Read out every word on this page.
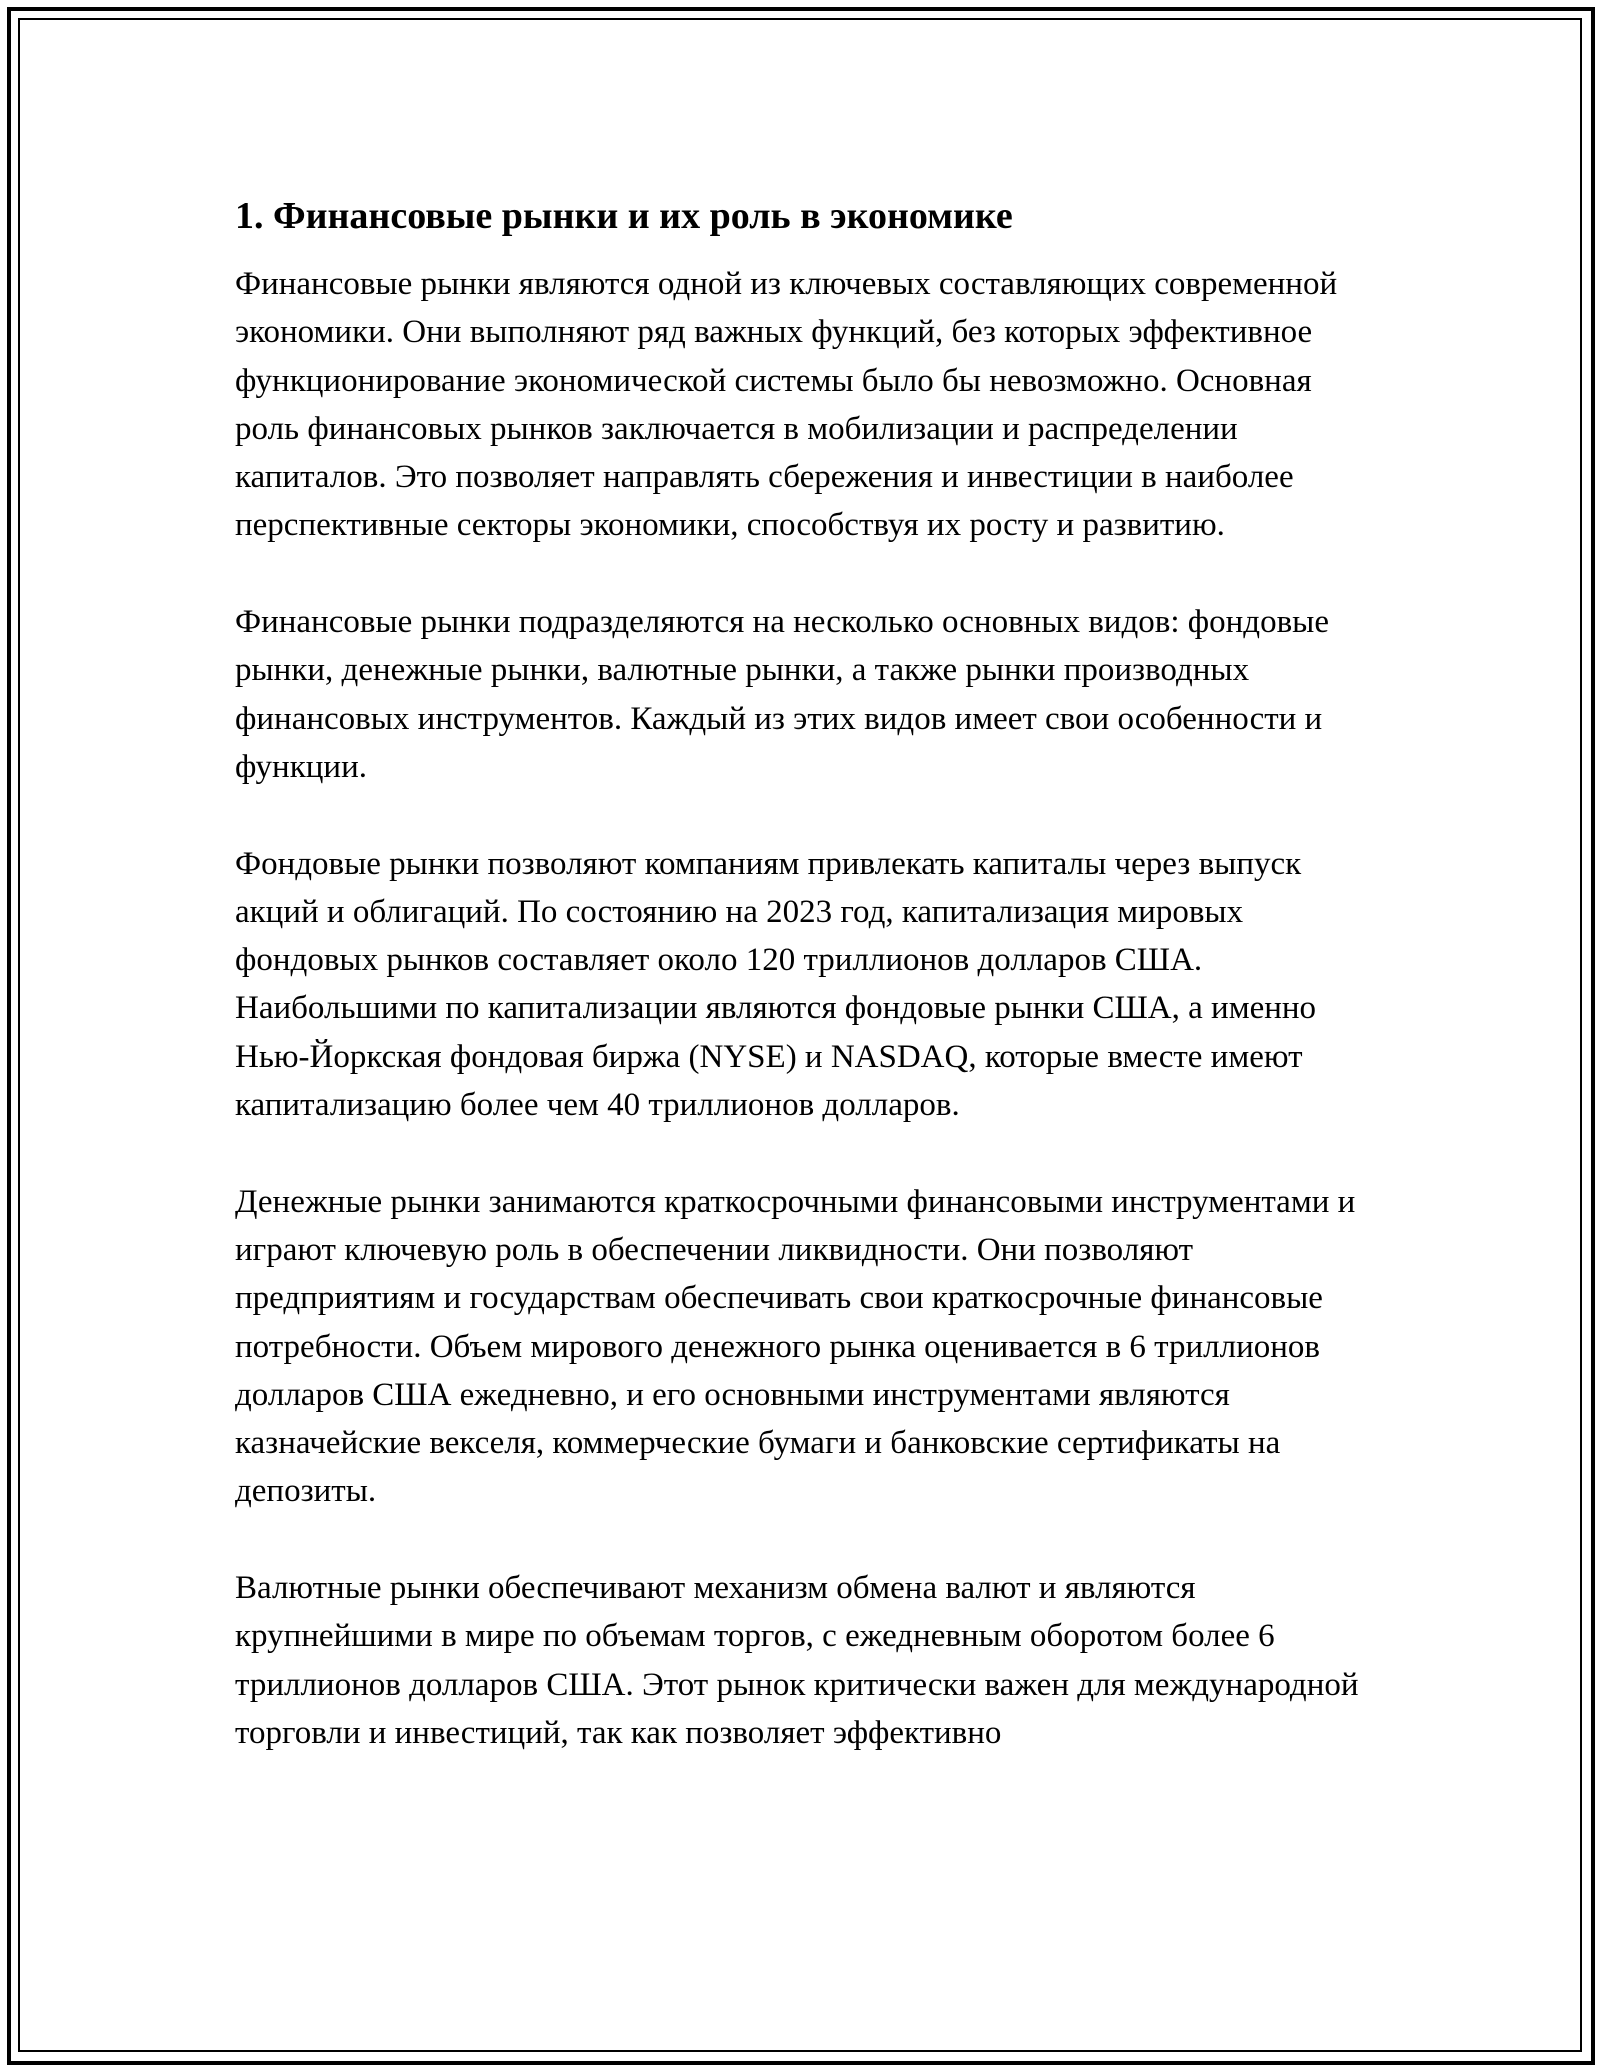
1. Финансовые рынки и их роль в экономике

Финансовые рынки являются одной из ключевых составляющих современной экономики. Они выполняют ряд важных функций, без которых эффективное функционирование экономической системы было бы невозможно. Основная роль финансовых рынков заключается в мобилизации и распределении капиталов. Это позволяет направлять сбережения и инвестиции в наиболее перспективные секторы экономики, способствуя их росту и развитию.

Финансовые рынки подразделяются на несколько основных видов: фондовые рынки, денежные рынки, валютные рынки, а также рынки производных финансовых инструментов. Каждый из этих видов имеет свои особенности и функции.

Фондовые рынки позволяют компаниям привлекать капиталы через выпуск акций и облигаций. По состоянию на 2023 год, капитализация мировых фондовых рынков составляет около 120 триллионов долларов США. Наибольшими по капитализации являются фондовые рынки США, а именно Нью-Йоркская фондовая биржа (NYSE) и NASDAQ, которые вместе имеют капитализацию более чем 40 триллионов долларов.

Денежные рынки занимаются краткосрочными финансовыми инструментами и играют ключевую роль в обеспечении ликвидности. Они позволяют предприятиям и государствам обеспечивать свои краткосрочные финансовые потребности. Объем мирового денежного рынка оценивается в 6 триллионов долларов США ежедневно, и его основными инструментами являются казначейские векселя, коммерческие бумаги и банковские сертификаты на депозиты.

Валютные рынки обеспечивают механизм обмена валют и являются крупнейшими в мире по объемам торгов, с ежедневным оборотом более 6 триллионов долларов США. Этот рынок критически важен для международной торговли и инвестиций, так как позволяет эффективно
